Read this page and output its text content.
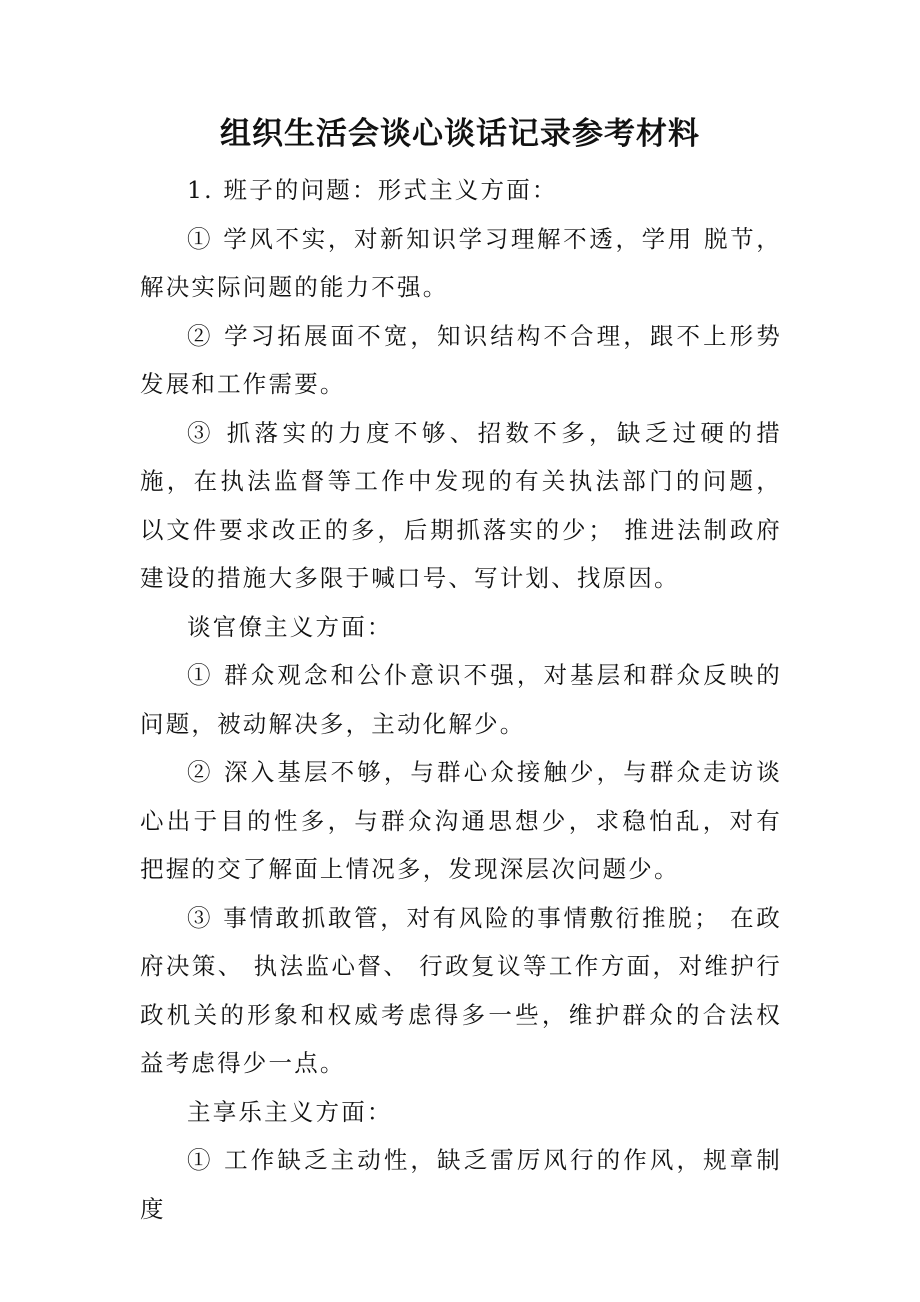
组织生活会谈心谈话记录参考材料

1. 班子的问题：形式主义方面：

① 学风不实，对新知识学习理解不透，学用 脱节，解决实际问题的能力不强。

② 学习拓展面不宽，知识结构不合理，跟不上形势发展和工作需要。

③ 抓落实的力度不够、招数不多，缺乏过硬的措施，在执法监督等工作中发现的有关执法部门的问题， 以文件要求改正的多，后期抓落实的少； 推进法制政府建设的措施大多限于喊口号、写计划、找原因。

谈官僚主义方面：

① 群众观念和公仆意识不强，对基层和群众反映的问题，被动解决多，主动化解少。

② 深入基层不够，与群心众接触少，与群众走访谈心出于目的性多，与群众沟通思想少，求稳怕乱，对有把握的交了解面上情况多，发现深层次问题少。

③ 事情敢抓敢管，对有风险的事情敷衍推脱； 在政府决策、 执法监心督、 行政复议等工作方面，对维护行政机关的形象和权威考虑得多一些，维护群众的合法权益考虑得少一点。

主享乐主义方面：

① 工作缺乏主动性，缺乏雷厉风行的作风，规章制度
